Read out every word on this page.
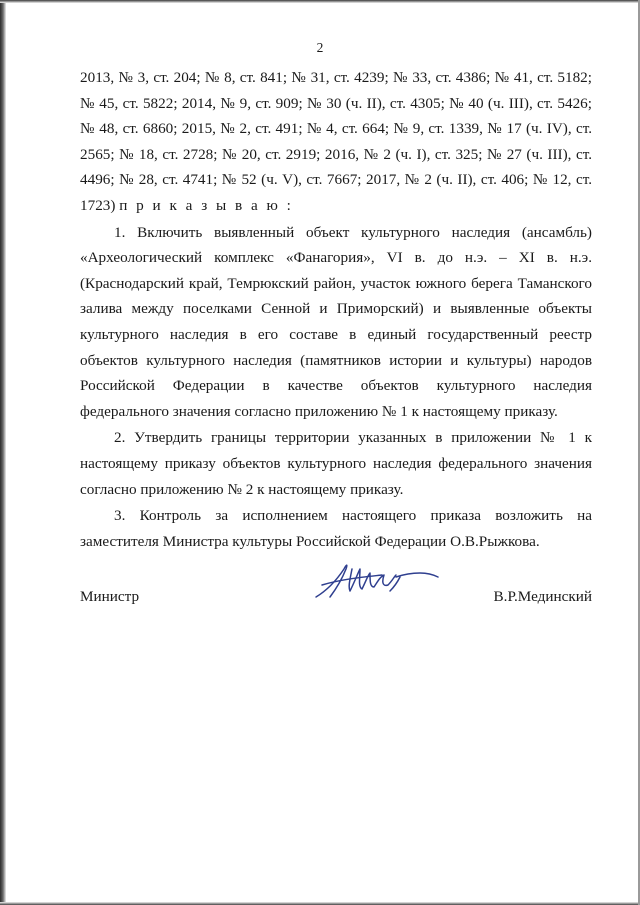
2

2013, № 3, ст. 204; № 8, ст. 841; № 31, ст. 4239; № 33, ст. 4386; № 41, ст. 5182; № 45, ст. 5822; 2014, № 9, ст. 909; № 30 (ч. II), ст. 4305; № 40 (ч. III), ст. 5426; № 48, ст. 6860; 2015, № 2, ст. 491; № 4, ст. 664; № 9, ст. 1339, № 17 (ч. IV), ст. 2565; № 18, ст. 2728; № 20, ст. 2919; 2016, № 2 (ч. I), ст. 325; № 27 (ч. III), ст. 4496; № 28, ст. 4741; № 52 (ч. V), ст. 7667; 2017, № 2 (ч. II), ст. 406; № 12, ст. 1723) п р и к а з ы в а ю :

1. Включить выявленный объект культурного наследия (ансамбль) «Археологический комплекс «Фанагория», VI в. до н.э. – XI в. н.э. (Краснодарский край, Темрюкский район, участок южного берега Таманского залива между поселками Сенной и Приморский) и выявленные объекты культурного наследия в его составе в единый государственный реестр объектов культурного наследия (памятников истории и культуры) народов Российской Федерации в качестве объектов культурного наследия федерального значения согласно приложению № 1 к настоящему приказу.

2. Утвердить границы территории указанных в приложении № 1 к настоящему приказу объектов культурного наследия федерального значения согласно приложению № 2 к настоящему приказу.

3. Контроль за исполнением настоящего приказа возложить на заместителя Министра культуры Российской Федерации О.В.Рыжкова.

Министр	В.Р.Мединский
